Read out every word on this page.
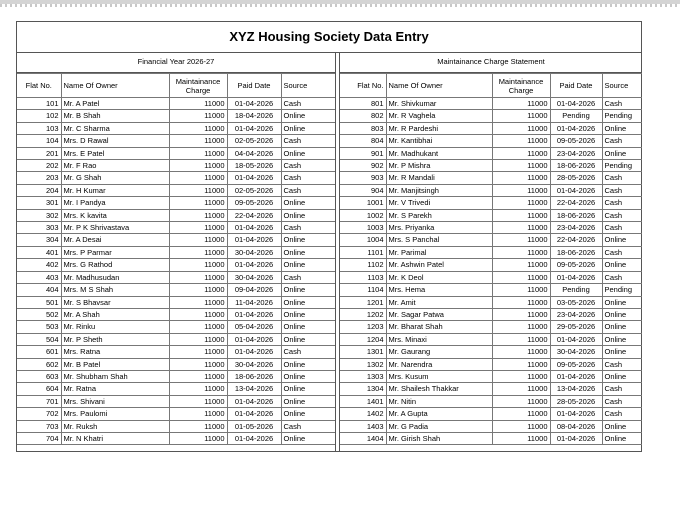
XYZ Housing Society Data Entry
Financial Year 2026-27
Flat No.	Name Of Owner	Maintainance Charge	Paid Date	Source
101	Mr. A Patel	11000	01-04-2026	Cash
102	Mr. B Shah	11000	18-04-2026	Online
103	Mr. C Sharma	11000	01-04-2026	Online
104	Mrs. D Rawal	11000	02-05-2026	Cash
201	Mrs. E Patel	11000	04-04-2026	Online
202	Mr. F Rao	11000	18-05-2026	Cash
203	Mr. G Shah	11000	01-04-2026	Cash
204	Mr. H Kumar	11000	02-05-2026	Cash
301	Mr. I Pandya	11000	09-05-2026	Online
302	Mrs. K kavita	11000	22-04-2026	Online
303	Mr. P K Shrivastava	11000	01-04-2026	Cash
304	Mr. A Desai	11000	01-04-2026	Online
401	Mrs. P Parmar	11000	30-04-2026	Online
402	Mrs. G Rathod	11000	01-04-2026	Online
403	Mr. Madhusudan	11000	30-04-2026	Cash
404	Mrs. M S Shah	11000	09-04-2026	Online
501	Mr. S Bhavsar	11000	11-04-2026	Online
502	Mr. A Shah	11000	01-04-2026	Online
503	Mr. Rinku	11000	05-04-2026	Online
504	Mr. P Sheth	11000	01-04-2026	Online
601	Mrs. Ratna	11000	01-04-2026	Cash
602	Mr. B Patel	11000	30-04-2026	Online
603	Mr. Shubham Shah	11000	18-06-2026	Online
604	Mr. Ratna	11000	13-04-2026	Online
701	Mrs. Shivani	11000	01-04-2026	Online
702	Mrs. Paulomi	11000	01-04-2026	Online
703	Mr. Ruksh	11000	01-05-2026	Cash
704	Mr. N Khatri	11000	01-04-2026	Online
Maintainance Charge Statement
Flat No.	Name Of Owner	Maintainance Charge	Paid Date	Source
801	Mr. Shivkumar	11000	01-04-2026	Cash
802	Mr. R Vaghela	11000	Pending	Pending
803	Mr. R Pardeshi	11000	01-04-2026	Online
804	Mr. Kantibhai	11000	09-05-2026	Cash
901	Mr. Madhukant	11000	23-04-2026	Online
902	Mr. P Mishra	11000	18-06-2026	Pending
903	Mr. R Mandali	11000	28-05-2026	Cash
904	Mr. Manjitsingh	11000	01-04-2026	Cash
1001	Mr. V Trivedi	11000	22-04-2026	Cash
1002	Mr. S Parekh	11000	18-06-2026	Cash
1003	Mrs. Priyanka	11000	23-04-2026	Cash
1004	Mrs. S Panchal	11000	22-04-2026	Online
1101	Mr. Parimal	11000	18-06-2026	Cash
1102	Mr. Ashwin Patel	11000	09-05-2026	Online
1103	Mr. K Deol	11000	01-04-2026	Cash
1104	Mrs. Hema	11000	Pending	Pending
1201	Mr. Amit	11000	03-05-2026	Online
1202	Mr. Sagar Patwa	11000	23-04-2026	Online
1203	Mr. Bharat Shah	11000	29-05-2026	Online
1204	Mrs. Minaxi	11000	01-04-2026	Online
1301	Mr. Gaurang	11000	30-04-2026	Online
1302	Mr. Narendra	11000	09-05-2026	Cash
1303	Mrs. Kusum	11000	01-04-2026	Online
1304	Mr. Shailesh Thakkar	11000	13-04-2026	Cash
1401	Mr. Nitin	11000	28-05-2026	Cash
1402	Mr. A Gupta	11000	01-04-2026	Cash
1403	Mr. G Padia	11000	08-04-2026	Online
1404	Mr. Girish Shah	11000	01-04-2026	Online
